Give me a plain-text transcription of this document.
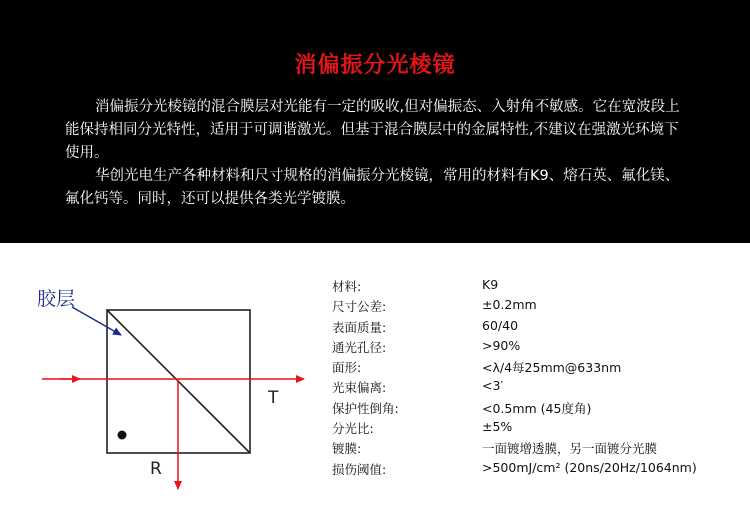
消偏振分光棱镜

消偏振分光棱镜的混合膜层对光能有一定的吸收,但对偏振态、入射角不敏感。它在宽波段上能保持相同分光特性，适用于可调谐激光。但基于混合膜层中的金属特性,不建议在强激光环境下使用。

华创光电生产各种材料和尺寸规格的消偏振分光棱镜，常用的材料有K9、熔石英、氟化镁、氟化钙等。同时，还可以提供各类光学镀膜。

胶层
T
R
材料:	K9
尺寸公差:	±0.2mm
表面质量:	60/40
通光孔径:	>90%
面形:	<λ/4每25mm@633nm
光束偏离:	<3′
保护性倒角:	<0.5mm (45度角)
分光比:	±5%
镀膜:	一面镀增透膜，另一面镀分光膜
损伤阈值:	>500mJ/cm² (20ns/20Hz/1064nm)
